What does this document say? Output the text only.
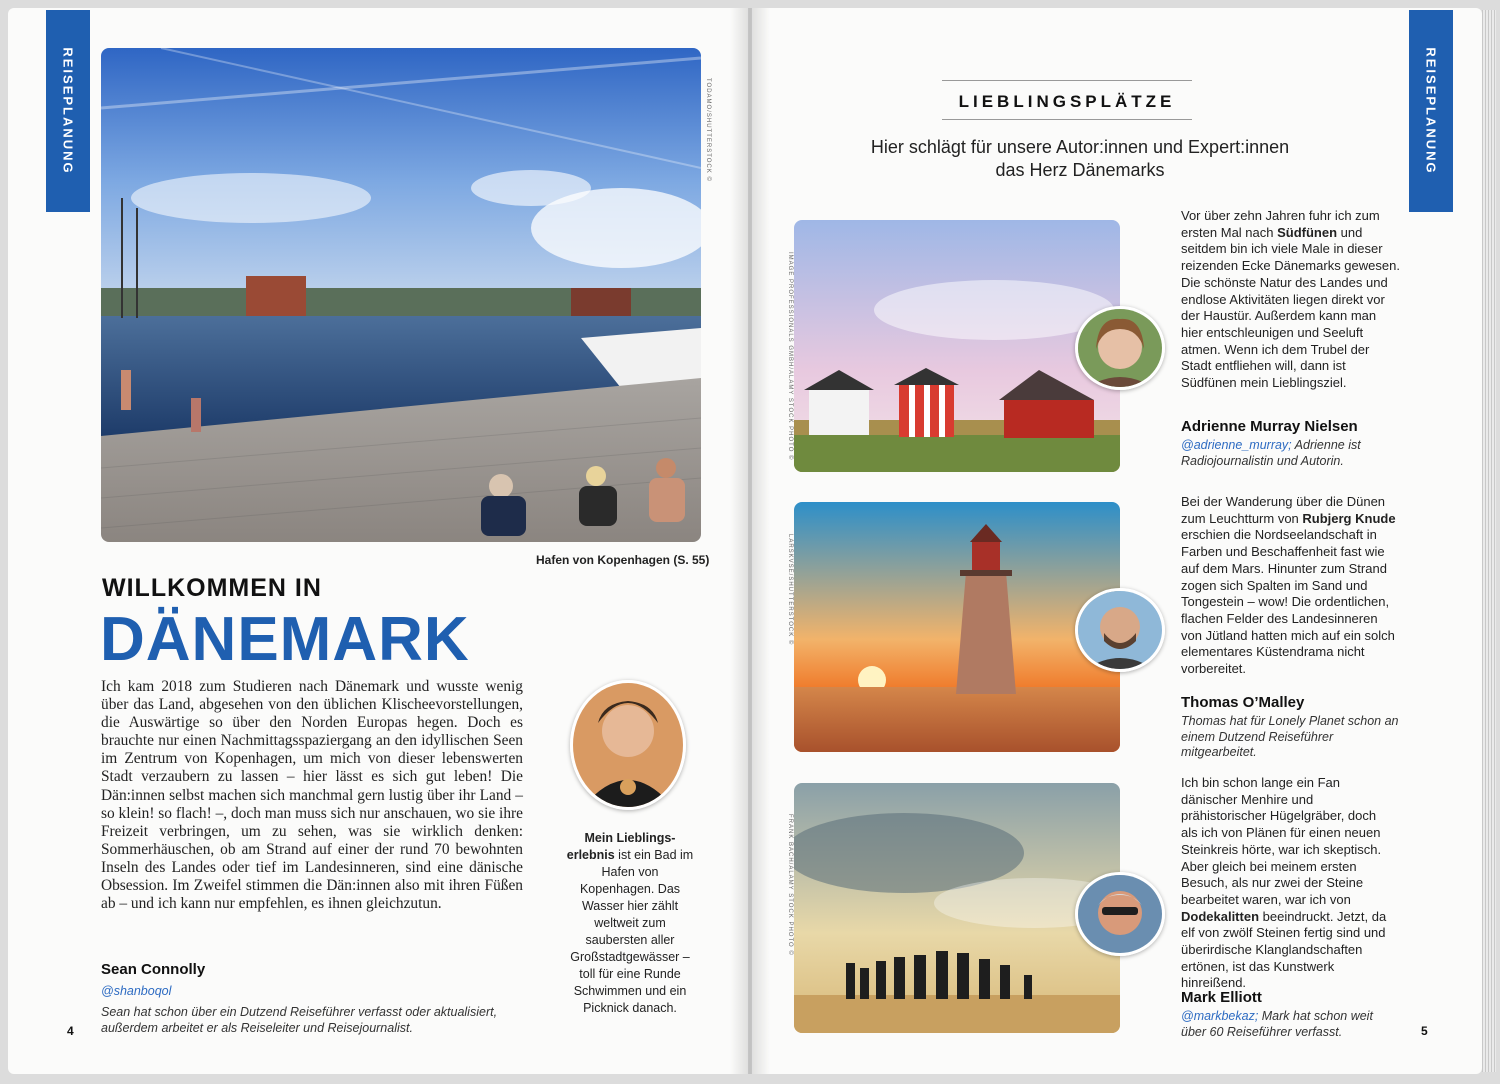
REISEPLANUNG	REISEPLANUNG
TODAMO/SHUTTERSTOCK ©
Hafen von Kopenhagen (S. 55)
WILLKOMMEN IN
DÄNEMARK
Ich kam 2018 zum Studieren nach Dänemark und wusste wenig über das Land, abgesehen von den üblichen Klischeevorstellungen, die Auswärtige so über den Norden Europas hegen. Doch es brauchte nur einen Nachmittagsspaziergang an den idyllischen Seen im Zentrum von Kopenhagen, um mich von dieser lebenswerten Stadt verzaubern zu lassen – hier lässt es sich gut leben! Die Dän:innen selbst machen sich manchmal gern lustig über ihr Land – so klein! so flach! –, doch man muss sich nur anschauen, wo sie ihre Freizeit verbringen, um zu sehen, was sie wirklich denken: Sommerhäuschen, ob am Strand auf einer der rund 70 bewohnten Inseln des Landes oder tief im Landesinneren, sind eine dänische Obsession. Im Zweifel stimmen die Dän:innen also mit ihren Füßen ab – und ich kann nur empfehlen, es ihnen gleichzutun.
Mein Lieblings-erlebnis ist ein Bad im Hafen von Kopenhagen. Das Wasser hier zählt weltweit zum saubersten aller Großstadtgewässer – toll für eine Runde Schwimmen und ein Picknick danach.
Sean Connolly
@shanboqol
Sean hat schon über ein Dutzend Reiseführer verfasst oder aktualisiert, außerdem arbeitet er als Reiseleiter und Reisejournalist.
4
LIEBLINGSPLÄTZE
Hier schlägt für unsere Autor:innen und Expert:innen
das Herz Dänemarks
IMAGE PROFESSIONALS GMBH/ALAMY STOCK PHOTO ©
Vor über zehn Jahren fuhr ich zum ersten Mal nach Südfünen und seitdem bin ich viele Male in dieser reizenden Ecke Dänemarks gewesen. Die schönste Natur des Landes und endlose Aktivitäten liegen direkt vor der Haustür. Außerdem kann man hier entschleunigen und Seeluft atmen. Wenn ich dem Trubel der Stadt entfliehen will, dann ist Südfünen mein Lieblingsziel.
Adrienne Murray Nielsen
@adrienne_murray; Adrienne ist Radiojournalistin und Autorin.
LARSKVSE/SHUTTERSTOCK ©
Bei der Wanderung über die Dünen zum Leuchtturm von Rubjerg Knude erschien die Nordseelandschaft in Farben und Beschaffenheit fast wie auf dem Mars. Hinunter zum Strand zogen sich Spalten im Sand und Tongestein – wow! Die ordentlichen, flachen Felder des Landesinneren von Jütland hatten mich auf ein solch elementares Küstendrama nicht vorbereitet.
Thomas O’Malley
Thomas hat für Lonely Planet schon an einem Dutzend Reiseführer mitgearbeitet.
FRANK BACH/ALAMY STOCK PHOTO ©
Ich bin schon lange ein Fan dänischer Menhire und prähistorischer Hügelgräber, doch als ich von Plänen für einen neuen Steinkreis hörte, war ich skeptisch. Aber gleich bei meinem ersten Besuch, als nur zwei der Steine bearbeitet waren, war ich von Dodekalitten beeindruckt. Jetzt, da elf von zwölf Steinen fertig sind und überirdische Klanglandschaften ertönen, ist das Kunstwerk hinreißend.
Mark Elliott
@markbekaz; Mark hat schon weit über 60 Reiseführer verfasst.	5
